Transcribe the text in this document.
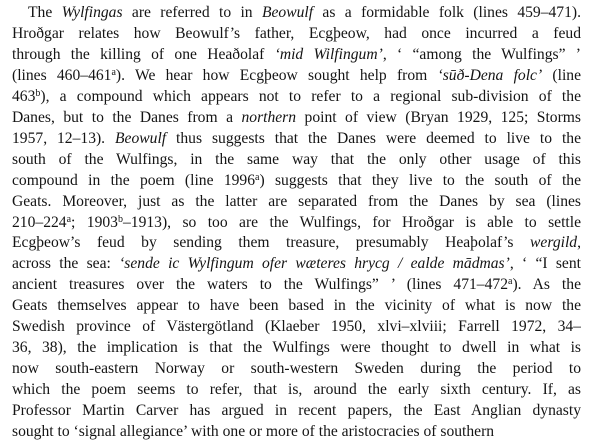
The Wylfingas are referred to in Beowulf as a formidable folk (lines 459–471).
Hroðgar relates how Beowulf’s father, Ecgþeow, had once incurred a feud
through the killing of one Heaðolaf ‘mid Wilfingum’, ‘ “among the Wulfings” ’
(lines 460–461$^a$). We hear how Ecgþeow sought help from ‘sūð-Dena folc’ (line
463$^b$), a compound which appears not to refer to a regional sub-division of the
Danes, but to the Danes from a northern point of view (Bryan 1929, 125; Storms
1957, 12–13). Beowulf thus suggests that the Danes were deemed to live to the
south of the Wulfings, in the same way that the only other usage of this
compound in the poem (line 1996$^a$) suggests that they live to the south of the
Geats. Moreover, just as the latter are separated from the Danes by sea (lines
210–224$^a$; 1903$^b$–1913), so too are the Wulfings, for Hroðgar is able to settle
Ecgþeow’s feud by sending them treasure, presumably Heaþolaf’s wergild,
across the sea: ‘sende ic Wylfingum ofer wæteres hrycg / ealde mādmas’, ‘ “I sent
ancient treasures over the waters to the Wulfings” ’ (lines 471–472$^a$). As the
Geats themselves appear to have been based in the vicinity of what is now the
Swedish province of Västergötland (Klaeber 1950, xlvi–xlviii; Farrell 1972, 34–
36, 38), the implication is that the Wulfings were thought to dwell in what is
now south-eastern Norway or south-western Sweden during the period to
which the poem seems to refer, that is, around the early sixth century. If, as
Professor Martin Carver has argued in recent papers, the East Anglian dynasty
sought to ‘signal allegiance’ with one or more of the aristocracies of southern
